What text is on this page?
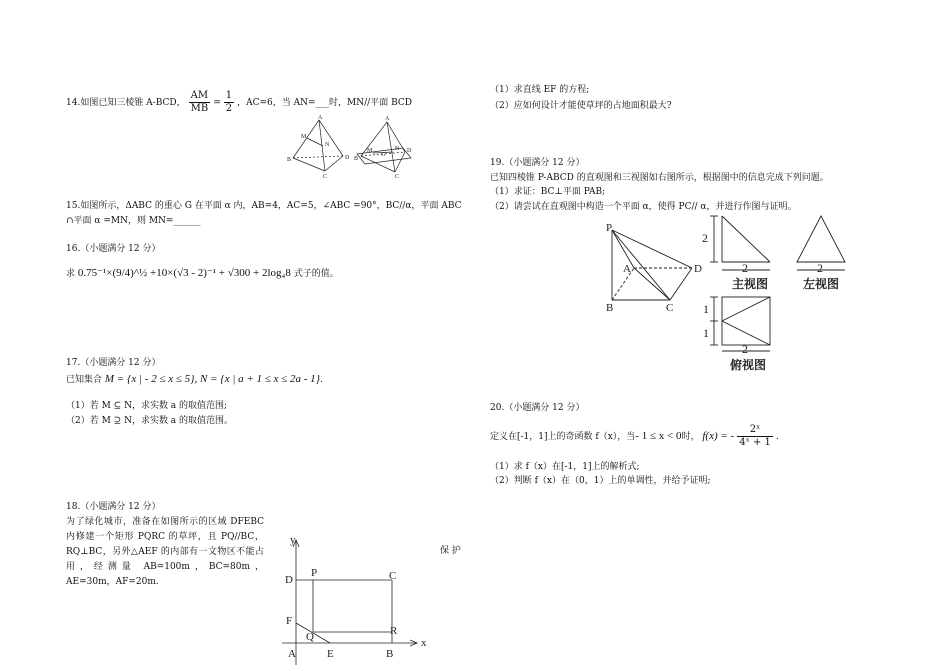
14.如图已知三棱锥 A-BCD， $\frac{AM}{MB} = \frac{1}{2}$ ，AC=6，当 AN=___时，MN//平面 BCD
A
M
N
B
C
D
A
M
G
N
B
C
D
15.如图所示，ΔABC 的重心 G 在平面 α 内，AB=4，AC=5，∠ABC =90°，BC//α，平面 ABC
∩平面 α =MN，则 MN=______
16.（小题满分 12 分）
求 0.75⁻¹×(9/4)^½ +10×(√3 - 2)⁻¹ + √300 + 2log₄8 式子的值。
17.（小题满分 12 分）
已知集合 M = {x | - 2 ≤ x ≤ 5}, N = {x | a + 1 ≤ x ≤ 2a - 1}.
（1）若 M ⊆ N，求实数 a 的取值范围;
（2）若 M ⊇ N，求实数 a 的取值范围。
18.（小题满分 12 分）
为了绿化城市，准备在如图所示的区域 DFEBC 内修建一个矩形 PQRC 的草坪，且 PQ//BC，RQ⊥BC，另外△AEF 的内部有一文物区不能占用，经测量 AB=100m，BC=80m，AE=30m，AF=20m.
保 护
y
x
D
P	C
F
Q	R
A	E	B
（1）求直线 EF 的方程;
（2）应如何设计才能使草坪的占地面积最大?
19.（小题满分 12 分）
已知四棱锥 P-ABCD 的直观图和三视图如右图所示，根据图中的信息完成下列问题。
（1）求证：BC⊥平面 PAB;
（2）请尝试在直观图中构造一个平面 α，使得 PC// α，并进行作图与证明。
P
A	D
B	C
2
2
主视图
2
左视图
1
1
2
俯视图
20.（小题满分 12 分）
定义在[-1，1]上的奇函数 f（x），当- 1 ≤ x < 0时， f(x) = - $\frac{\text{2ˣ}}{\text{4ˣ + 1}}$ .
（1）求 f（x）在[-1，1]上的解析式;
（2）判断 f（x）在（0，1）上的单调性，并给予证明;
